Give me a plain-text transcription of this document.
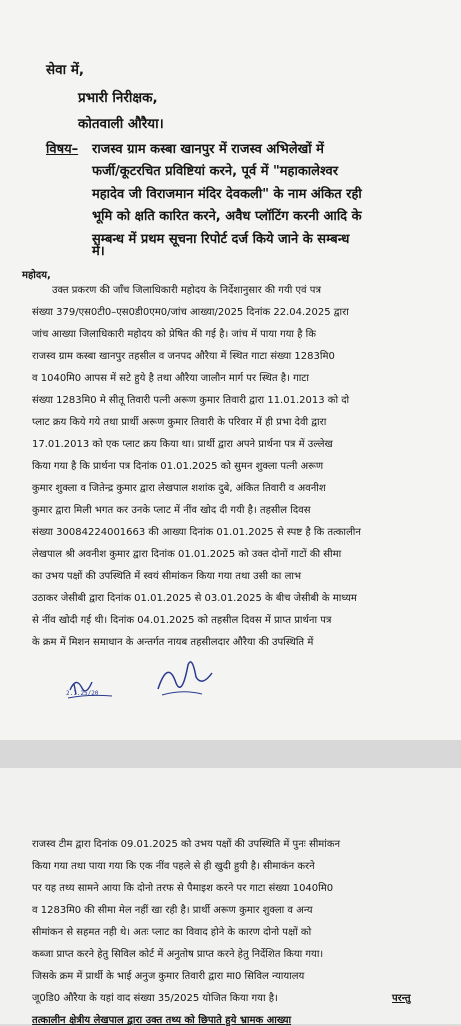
सेवा में,
प्रभारी निरीक्षक,
कोतवाली औरैया।
विषय– राजस्व ग्राम कस्बा खानपुर में राजस्व अभिलेखों में
फर्जी/कूटरचित प्रविष्टियां करने, पूर्व में "महाकालेश्वर
महादेव जी विराजमान मंदिर देवकली" के नाम अंकित रही
भूमि को क्षति कारित करने, अवैध प्लॉटिंग करनी आदि के
सम्बन्ध में प्रथम सूचना रिपोर्ट दर्ज किये जाने के सम्बन्ध
में।
महोदय,
उक्त प्रकरण की जाँच जिलाधिकारी महोदय के निर्देशानुसार की गयी एवं पत्र
संख्या 379/एस0टी0–एस0डी0एम0/जांच आख्या/2025 दिनांक 22.04.2025 द्वारा
जांच आख्या जिलाधिकारी महोदय को प्रेषित की गई है। जांच में पाया गया है कि
राजस्व ग्राम कस्बा खानपुर तहसील व जनपद औरैया में स्थित गाटा संख्या 1283मि0
व 1040मि0 आपस में सटे हुये है तथा औरैया जालौन मार्ग पर स्थित है। गाटा
संख्या 1283मि0 मे सीतू तिवारी पत्नी अरूण कुमार तिवारी द्वारा 11.01.2013 को दो
प्लाट क्रय किये गये तथा प्रार्थी अरूण कुमार तिवारी के परिवार में ही प्रभा देवी द्वारा
17.01.2013 को एक प्लाट क्रय किया था। प्रार्थी द्वारा अपने प्रार्थना पत्र में उल्लेख
किया गया है कि प्रार्थना पत्र दिनांक 01.01.2025 को सुमन शुक्ला पत्नी अरूण
कुमार शुक्ला व जितेन्द्र कुमार द्वारा लेखपाल शशांक दुबे, अंकित तिवारी व अवनीश
कुमार द्वारा मिली भगत कर उनके प्लाट में नींव खोद दी गयी है। तहसील दिवस
संख्या 30084224001663 की आख्या दिनांक 01.01.2025 से स्पष्ट है कि तत्कालीन
लेखपाल श्री अवनीश कुमार द्वारा दिनांक 01.01.2025 को उक्त दोनों गाटों की सीमा
का उभय पक्षों की उपस्थिति में स्वयं सीमांकन किया गया तथा उसी का लाभ
उठाकर जेसीबी द्वारा दिनांक 01.01.2025 से 03.01.2025 के बीच जेसीबी के माध्यम
से नींव खोदी गई थी। दिनांक 04.01.2025 को तहसील दिवस में प्राप्त प्रार्थना पत्र
के क्रम में मिशन समाधान के अन्तर्गत नायब तहसीलदार औरैया की उपस्थिति में
2.1.25/20
राजस्व टीम द्वारा दिनांक 09.01.2025 को उभय पक्षों की उपस्थिति में पुनः सीमांकन
किया गया तथा पाया गया कि एक नींव पहले से ही खुदी हुयी है। सीमाकंन करने
पर यह तथ्य सामने आया कि दोनो तरफ से पैमाइश करने पर गाटा संख्या 1040मि0
व 1283मि0 की सीमा मेल नहीं खा रही है। प्रार्थी अरूण कुमार शुक्ला व अन्य
सीमांकन से सहमत नही थे। अतः प्लाट का विवाद होने के कारण दोनो पक्षों को
कब्जा प्राप्त करने हेतु सिविल कोर्ट में अनुतोष प्राप्त करने हेतु निर्देशित किया गया।
जिसके क्रम में प्रार्थी के भाई अनुज कुमार तिवारी द्वारा मा0 सिविल न्यायालय
जू0डि0 औरैया के यहां वाद संख्या 35/2025 योजित किया गया है।	परन्तु
तत्कालीन क्षेत्रीय लेखपाल द्वारा उक्त तथ्य को छिपाते हुये भ्रामक आख्या
